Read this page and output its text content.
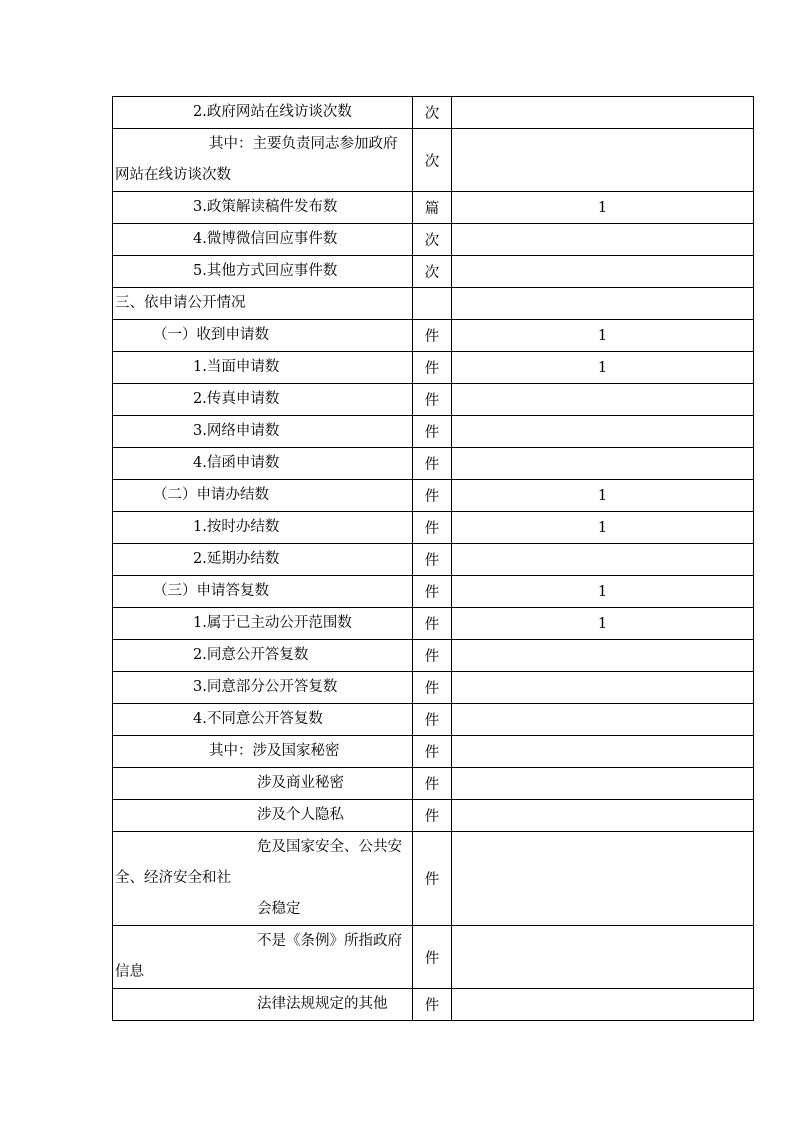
2.政府网站在线访谈次数	次	

其中：主要负责同志参加政府
网站在线访谈次数	次	

3.政策解读稿件发布数	篇	1

4.微博微信回应事件数	次	

5.其他方式回应事件数	次	

三、依申请公开情况		

（一）收到申请数	件	1

1.当面申请数	件	1

2.传真申请数	件	

3.网络申请数	件	

4.信函申请数	件	

（二）申请办结数	件	1

1.按时办结数	件	1

2.延期办结数	件	

（三）申请答复数	件	1

1.属于已主动公开范围数	件	1

2.同意公开答复数	件	

3.同意部分公开答复数	件	

4.不同意公开答复数	件	

其中：涉及国家秘密	件	

涉及商业秘密	件	

涉及个人隐私	件	

危及国家安全、公共安
全、经济安全和社
会稳定	件	

不是《条例》所指政府
信息	件	

法律法规规定的其他	件	
